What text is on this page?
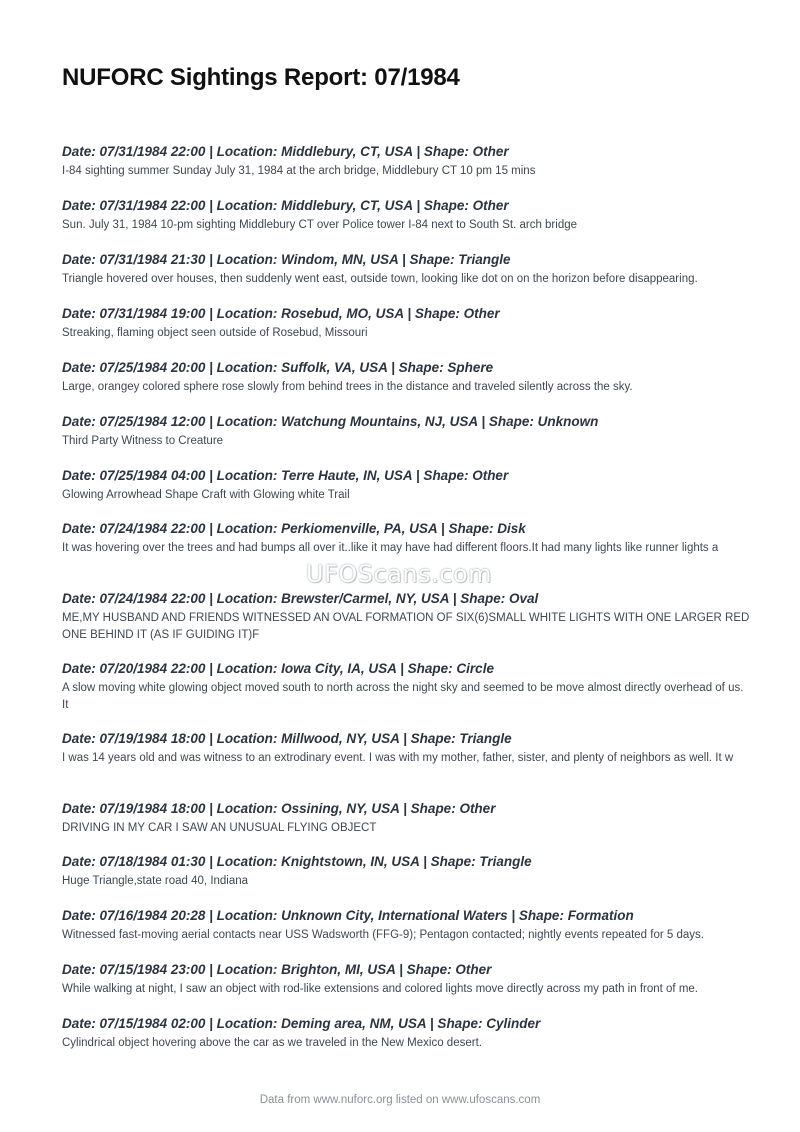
NUFORC Sightings Report: 07/1984

Date: 07/31/1984 22:00 | Location: Middlebury, CT, USA | Shape: Other

I-84 sighting summer Sunday July 31, 1984 at the arch bridge, Middlebury CT 10 pm 15 mins

Date: 07/31/1984 22:00 | Location: Middlebury, CT, USA | Shape: Other

Sun. July 31, 1984 10-pm sighting Middlebury CT over Police tower I-84 next to South St. arch bridge

Date: 07/31/1984 21:30 | Location: Windom, MN, USA | Shape: Triangle

Triangle hovered over houses, then suddenly went east, outside town, looking like dot on on the horizon before disappearing.

Date: 07/31/1984 19:00 | Location: Rosebud, MO, USA | Shape: Other

Streaking, flaming object seen outside of Rosebud, Missouri

Date: 07/25/1984 20:00 | Location: Suffolk, VA, USA | Shape: Sphere

Large, orangey colored sphere rose slowly from behind trees in the distance and traveled silently across the sky.

Date: 07/25/1984 12:00 | Location: Watchung Mountains, NJ, USA | Shape: Unknown

Third Party Witness to Creature

Date: 07/25/1984 04:00 | Location: Terre Haute, IN, USA | Shape: Other

Glowing Arrowhead Shape Craft with Glowing white Trail

Date: 07/24/1984 22:00 | Location: Perkiomenville, PA, USA | Shape: Disk

It was hovering over the trees and had bumps all over it..like it may have had different floors.It had many lights like runner lights a

Date: 07/24/1984 22:00 | Location: Brewster/Carmel, NY, USA | Shape: Oval

ME,MY HUSBAND AND FRIENDS WITNESSED AN OVAL FORMATION OF SIX(6)SMALL WHITE LIGHTS WITH ONE LARGER RED ONE BEHIND IT (AS IF GUIDING IT)F

Date: 07/20/1984 22:00 | Location: Iowa City, IA, USA | Shape: Circle

A slow moving white glowing object moved south to north across the night sky and seemed to be move almost directly overhead of us. It

Date: 07/19/1984 18:00 | Location: Millwood, NY, USA | Shape: Triangle

I was 14 years old and was witness to an extrodinary event. I was with my mother, father, sister, and plenty of neighbors as well. It w

Date: 07/19/1984 18:00 | Location: Ossining, NY, USA | Shape: Other

DRIVING IN MY CAR I SAW AN UNUSUAL FLYING OBJECT

Date: 07/18/1984 01:30 | Location: Knightstown, IN, USA | Shape: Triangle

Huge Triangle,state road 40, Indiana

Date: 07/16/1984 20:28 | Location: Unknown City, International Waters | Shape: Formation

Witnessed fast-moving aerial contacts near USS Wadsworth (FFG-9); Pentagon contacted; nightly events repeated for 5 days.

Date: 07/15/1984 23:00 | Location: Brighton, MI, USA | Shape: Other

While walking at night, I saw an object with rod-like extensions and colored lights move directly across my path in front of me.

Date: 07/15/1984 02:00 | Location: Deming area, NM, USA | Shape: Cylinder

Cylindrical object hovering above the car as we traveled in the New Mexico desert.

UFOScans.com
Data from www.nuforc.org listed on www.ufoscans.com
